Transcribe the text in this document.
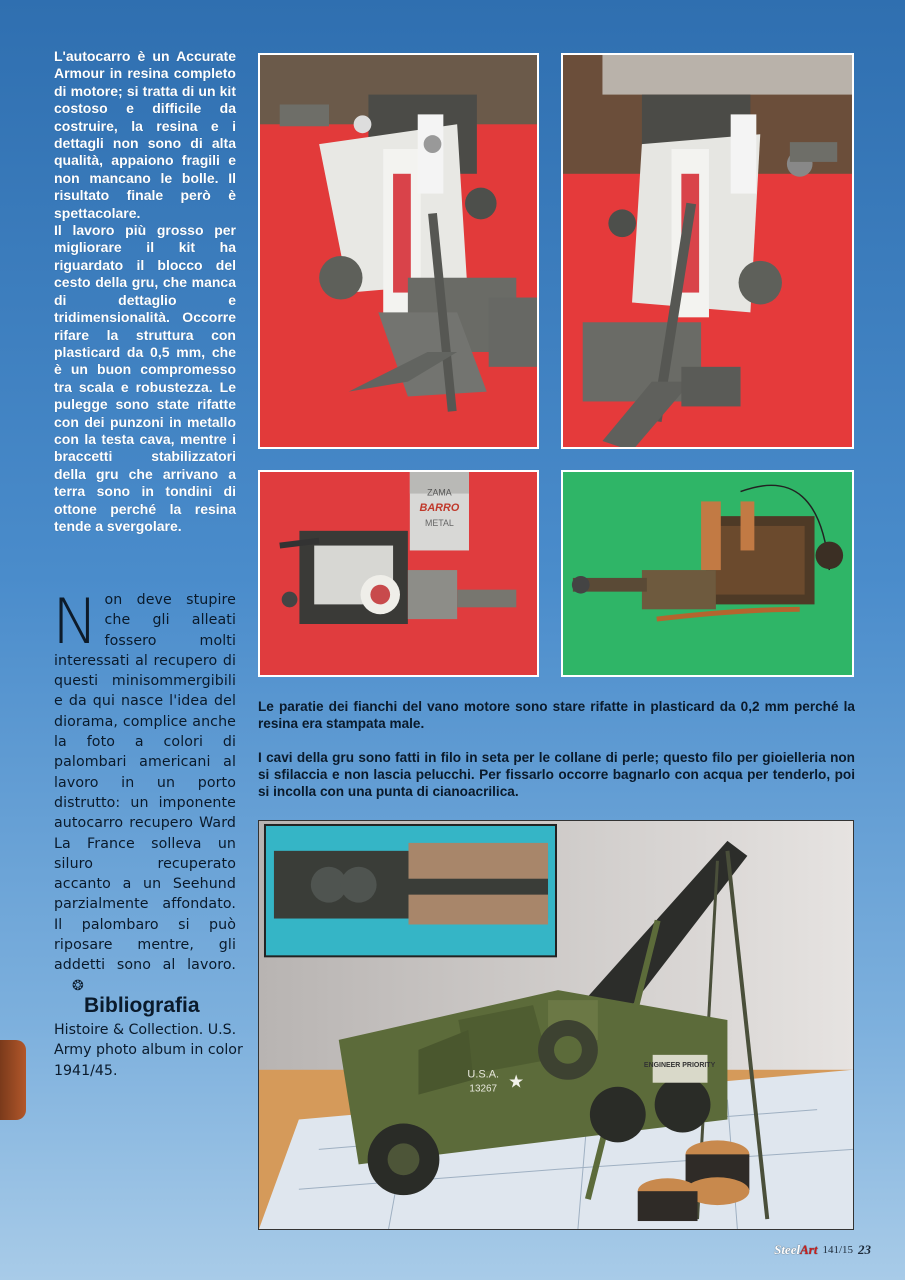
L'autocarro è un Accurate Armour in resina completo di motore; si tratta di un kit costoso e difficile da costruire, la resina e i dettagli non sono di alta qualità, appaiono fragili e non mancano le bolle. Il risultato finale però è spettacolare.

Il lavoro più grosso per migliorare il kit ha riguardato il blocco del cesto della gru, che manca di dettaglio e tridimensionalità. Occorre rifare la struttura con plasticard da 0,5 mm, che è un buon compromesso tra scala e robustezza. Le pulegge sono state rifatte con dei punzoni in metallo con la testa cava, mentre i braccetti stabilizzatori della gru che arrivano a terra sono in tondini di ottone perché la resina tende a svergolare.

Non deve stupire che gli alleati fossero molti interessati al recupero di questi minisommergibili e da qui nasce l'idea del diorama, complice anche la foto a colori di palombari americani al lavoro in un porto distrutto: un imponente autocarro recupero Ward La France solleva un siluro recuperato accanto a un Seehund parzialmente affondato. Il palombaro si può riposare mentre, gli addetti sono al lavoro.❂
Bibliografia
Histoire & Collection. U.S. Army photo album in color 1941/45.
ZAMA
BARRO
METAL
Le paratie dei fianchi del vano motore sono stare rifatte in plasticard da 0,2 mm perché la resina era stampata male.
I cavi della gru sono fatti in filo in seta per le collane di perle; questo filo per gioielleria non si sfilaccia e non lascia pelucchi. Per fissarlo occorre bagnarlo con acqua per tenderlo, poi si incolla con una punta di cianoacrilica.
ENGINEER PRIORITY
U.S.A.
13267 ★
SteelArt 141/15 23
